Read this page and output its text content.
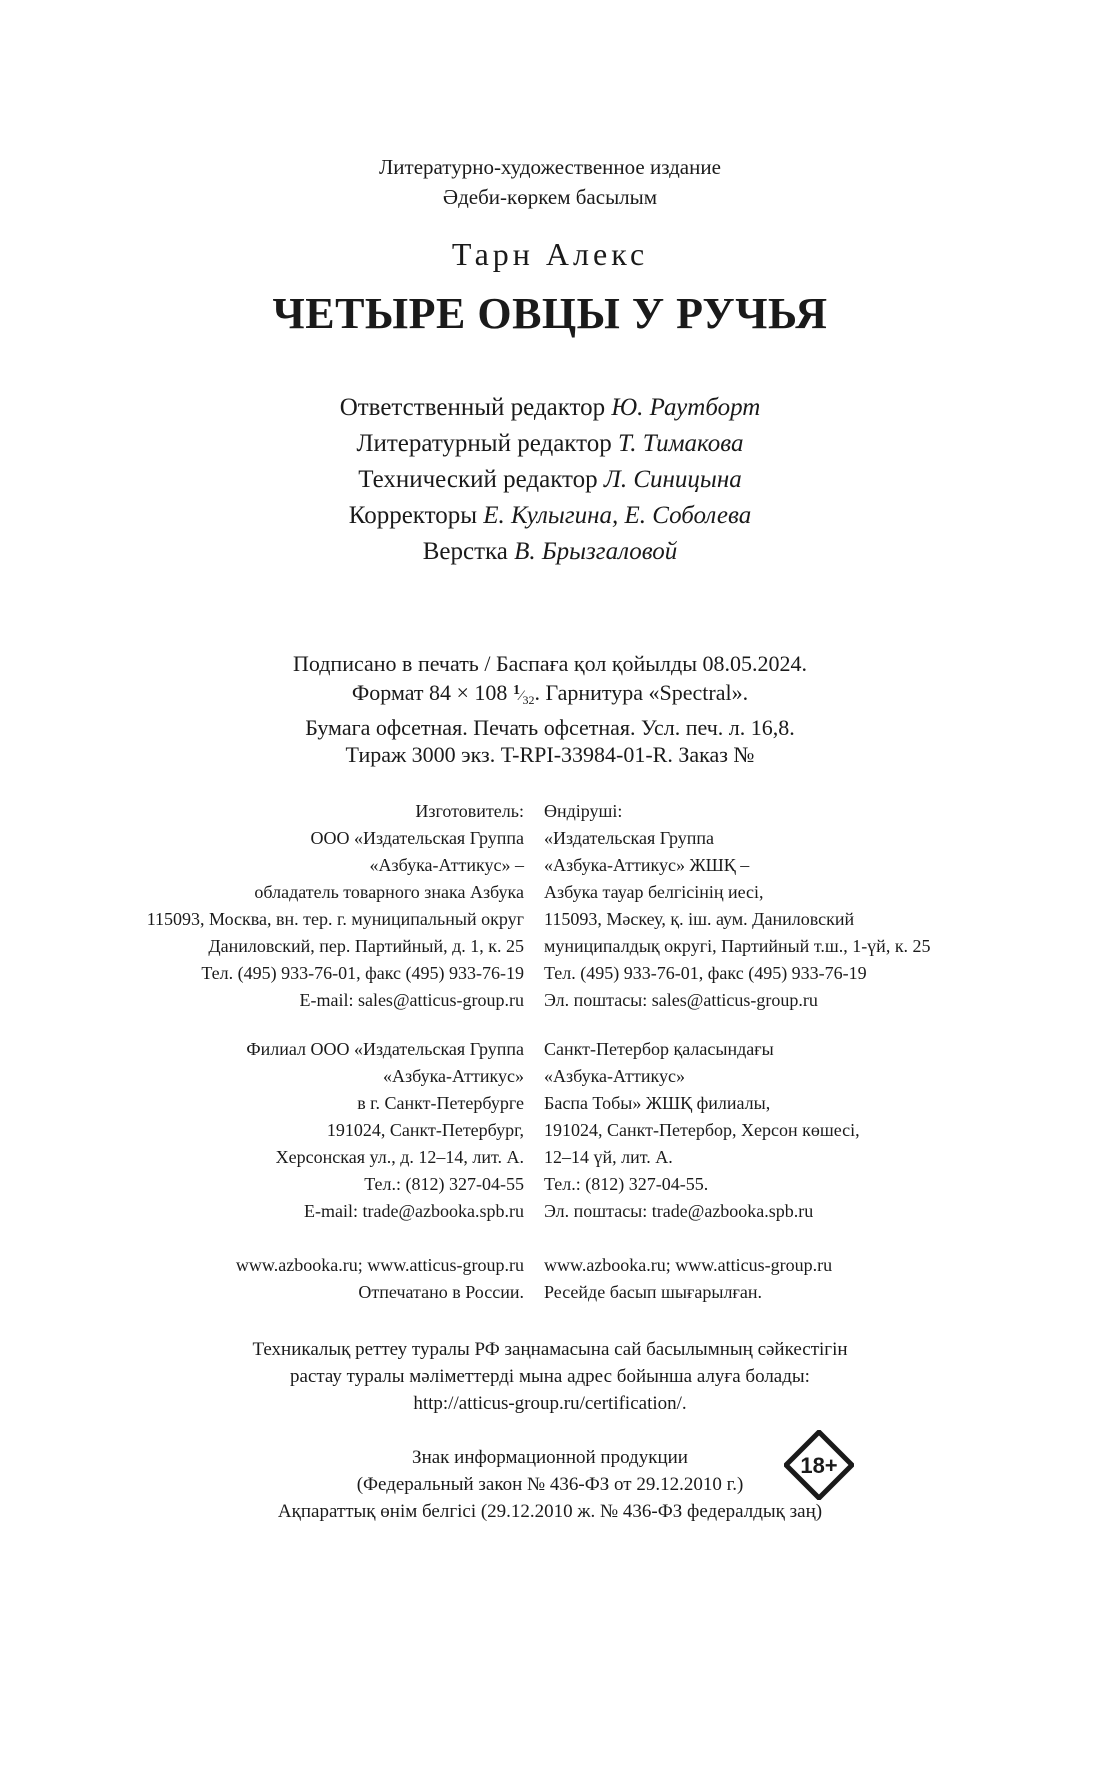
Литературно-художественное издание
Әдеби-көркем басылым
Тарн Алекс
ЧЕТЫРЕ ОВЦЫ У РУЧЬЯ
Ответственный редактор Ю. Раутборт
Литературный редактор Т. Тимакова
Технический редактор Л. Синицына
Корректоры Е. Кулыгина, Е. Соболева
Верстка В. Брызгаловой
Подписано в печать / Баспаға қол қойылды 08.05.2024.
Формат 84 × 108 $^1⁄_{32}$. Гарнитура «Spectral».
Бумага офсетная. Печать офсетная. Усл. печ. л. 16,8.
Тираж 3000 экз. T-RPI-33984-01-R. Заказ №
Изготовитель:
ООО «Издательская Группа
«Азбука-Аттикус» –
обладатель товарного знака Азбука
115093, Москва, вн. тер. г. муниципальный округ
Даниловский, пер. Партийный, д. 1, к. 25
Тел. (495) 933-76-01, факс (495) 933-76-19
E-mail: sales@atticus-group.ru
Өндіруші:
«Издательская Группа
«Азбука-Аттикус» ЖШҚ –
Азбука тауар белгісінің иесі,
115093, Мәскеу, қ. іш. аум. Даниловский
муниципалдық округі, Партийный т.ш., 1-үй, к. 25
Тел. (495) 933-76-01, факс (495) 933-76-19
Эл. поштасы: sales@atticus-group.ru
Филиал ООО «Издательская Группа
«Азбука-Аттикус»
в г. Санкт-Петербурге
191024, Санкт-Петербург,
Херсонская ул., д. 12–14, лит. А.
Тел.: (812) 327-04-55
E-mail: trade@azbooka.spb.ru
Санкт-Петербор қаласындағы
«Азбука-Аттикус»
Баспа Тобы» ЖШҚ филиалы,
191024, Санкт-Петербор, Херсон көшесі,
12–14 үй, лит. А.
Тел.: (812) 327-04-55.
Эл. поштасы: trade@azbooka.spb.ru
www.azbooka.ru; www.atticus-group.ru
Отпечатано в России.
www.azbooka.ru; www.atticus-group.ru
Ресейде басып шығарылған.
Техникалық реттеу туралы РФ заңнамасына сай басылымның сәйкестігін
растау туралы мәліметтерді мына адрес бойынша алуға болады:
http://atticus-group.ru/certification/.
Знак информационной продукции
(Федеральный закон № 436-ФЗ от 29.12.2010 г.)
Ақпараттық өнім белгісі (29.12.2010 ж. № 436-ФЗ федералдық заң)
18+
